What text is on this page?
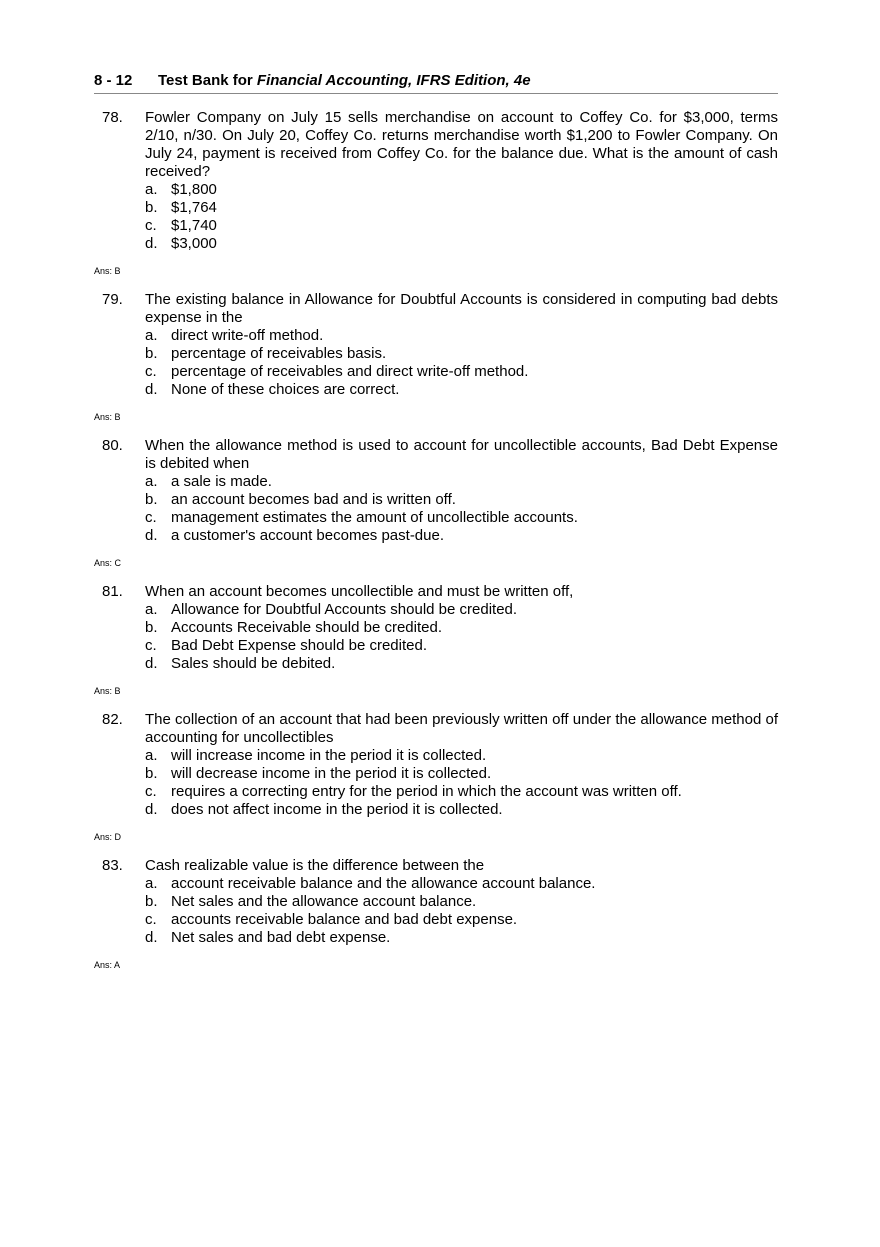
8 - 12 Test Bank for Financial Accounting, IFRS Edition, 4e
78. Fowler Company on July 15 sells merchandise on account to Coffey Co. for $3,000, terms 2/10, n/30. On July 20, Coffey Co. returns merchandise worth $1,200 to Fowler Company. On July 24, payment is received from Coffey Co. for the balance due. What is the amount of cash received?
a. $1,800
b. $1,764
c. $1,740
d. $3,000
Ans: B
79. The existing balance in Allowance for Doubtful Accounts is considered in computing bad debts expense in the
a. direct write-off method.
b. percentage of receivables basis.
c. percentage of receivables and direct write-off method.
d. None of these choices are correct.
Ans: B
80. When the allowance method is used to account for uncollectible accounts, Bad Debt Expense is debited when
a. a sale is made.
b. an account becomes bad and is written off.
c. management estimates the amount of uncollectible accounts.
d. a customer's account becomes past-due.
Ans: C
81. When an account becomes uncollectible and must be written off,
a. Allowance for Doubtful Accounts should be credited.
b. Accounts Receivable should be credited.
c. Bad Debt Expense should be credited.
d. Sales should be debited.
Ans: B
82. The collection of an account that had been previously written off under the allowance method of accounting for uncollectibles
a. will increase income in the period it is collected.
b. will decrease income in the period it is collected.
c. requires a correcting entry for the period in which the account was written off.
d. does not affect income in the period it is collected.
Ans: D
83. Cash realizable value is the difference between the
a. account receivable balance and the allowance account balance.
b. Net sales and the allowance account balance.
c. accounts receivable balance and bad debt expense.
d. Net sales and bad debt expense.
Ans: A
